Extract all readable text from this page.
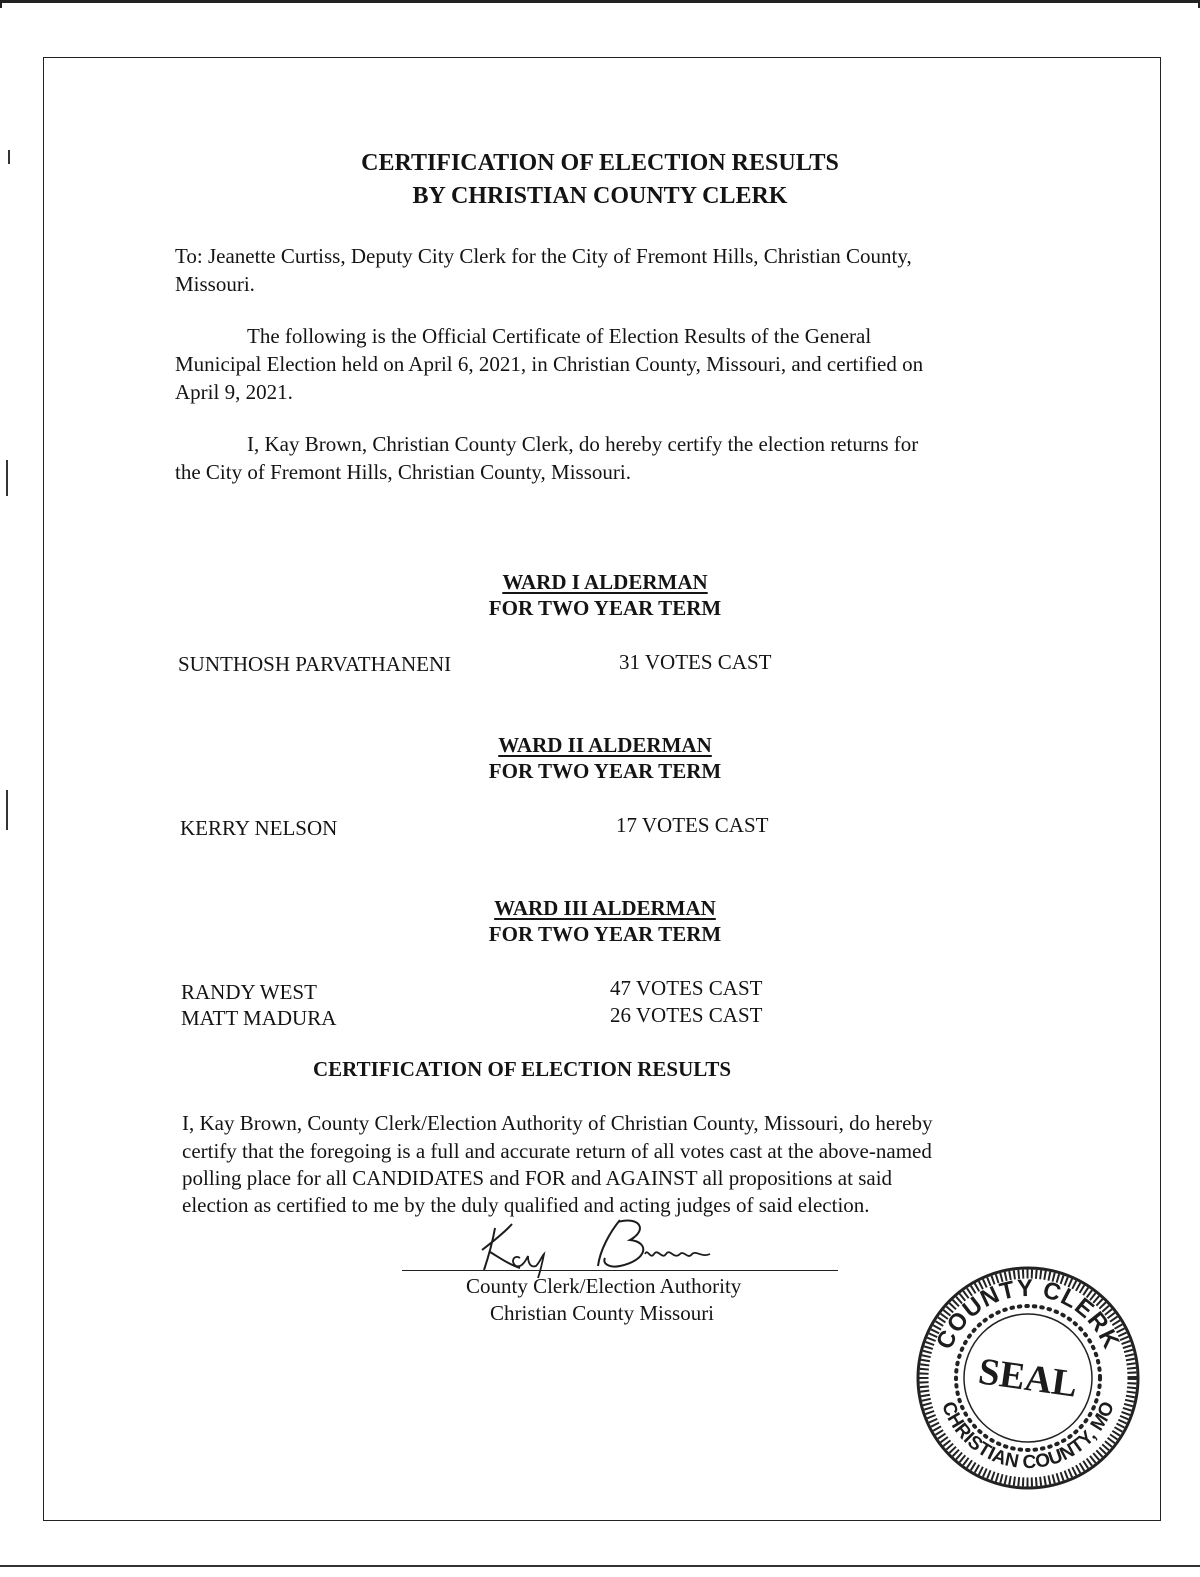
CERTIFICATION OF ELECTION RESULTS
BY CHRISTIAN COUNTY CLERK
To: Jeanette Curtiss, Deputy City Clerk for the City of Fremont Hills, Christian County,
Missouri.
The following is the Official Certificate of Election Results of the General
Municipal Election held on April 6, 2021, in Christian County, Missouri, and certified on
April 9, 2021.
I, Kay Brown, Christian County Clerk, do hereby certify the election returns for
the City of Fremont Hills, Christian County, Missouri.
WARD I ALDERMAN
FOR TWO YEAR TERM
SUNTHOSH PARVATHANENI	31 VOTES CAST
WARD II ALDERMAN
FOR TWO YEAR TERM
KERRY NELSON	17 VOTES CAST
WARD III ALDERMAN
FOR TWO YEAR TERM
RANDY WEST	47 VOTES CAST
MATT MADURA	26 VOTES CAST
CERTIFICATION OF ELECTION RESULTS
I, Kay Brown, County Clerk/Election Authority of Christian County, Missouri, do hereby
certify that the foregoing is a full and accurate return of all votes cast at the above-named
polling place for all CANDIDATES and FOR and AGAINST all propositions at said
election as certified to me by the duly qualified and acting judges of said election.
County Clerk/Election Authority
Christian County Missouri
COUNTY CLERK
CHRISTIAN COUNTY, MO
SEAL
